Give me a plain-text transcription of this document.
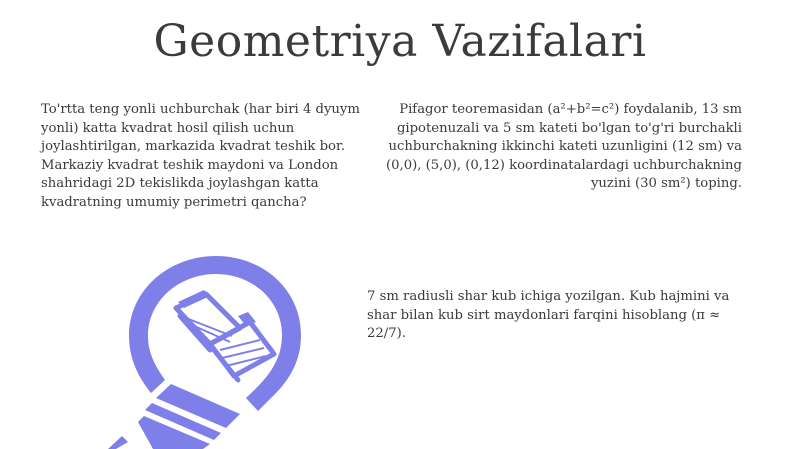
Geometriya Vazifalari
To'rtta teng yonli uchburchak (har biri 4 dyuym yonli) katta kvadrat hosil qilish uchun joylashtirilgan, markazida kvadrat teshik bor. Markaziy kvadrat teshik maydoni va London shahridagi 2D tekislikda joylashgan katta kvadratning umumiy perimetri qancha?
Pifagor teoremasidan (a²+b²=c²) foydalanib, 13 sm gipotenuzali va 5 sm kateti bo'lgan to'g'ri burchakli uchburchakning ikkinchi kateti uzunligini (12 sm) va (0,0), (5,0), (0,12) koordinatalardagi uchburchakning yuzini (30 sm²) toping.
7 sm radiusli shar kub ichiga yozilgan. Kub hajmini va shar bilan kub sirt maydonlari farqini hisoblang (π ≈ 22/7).
